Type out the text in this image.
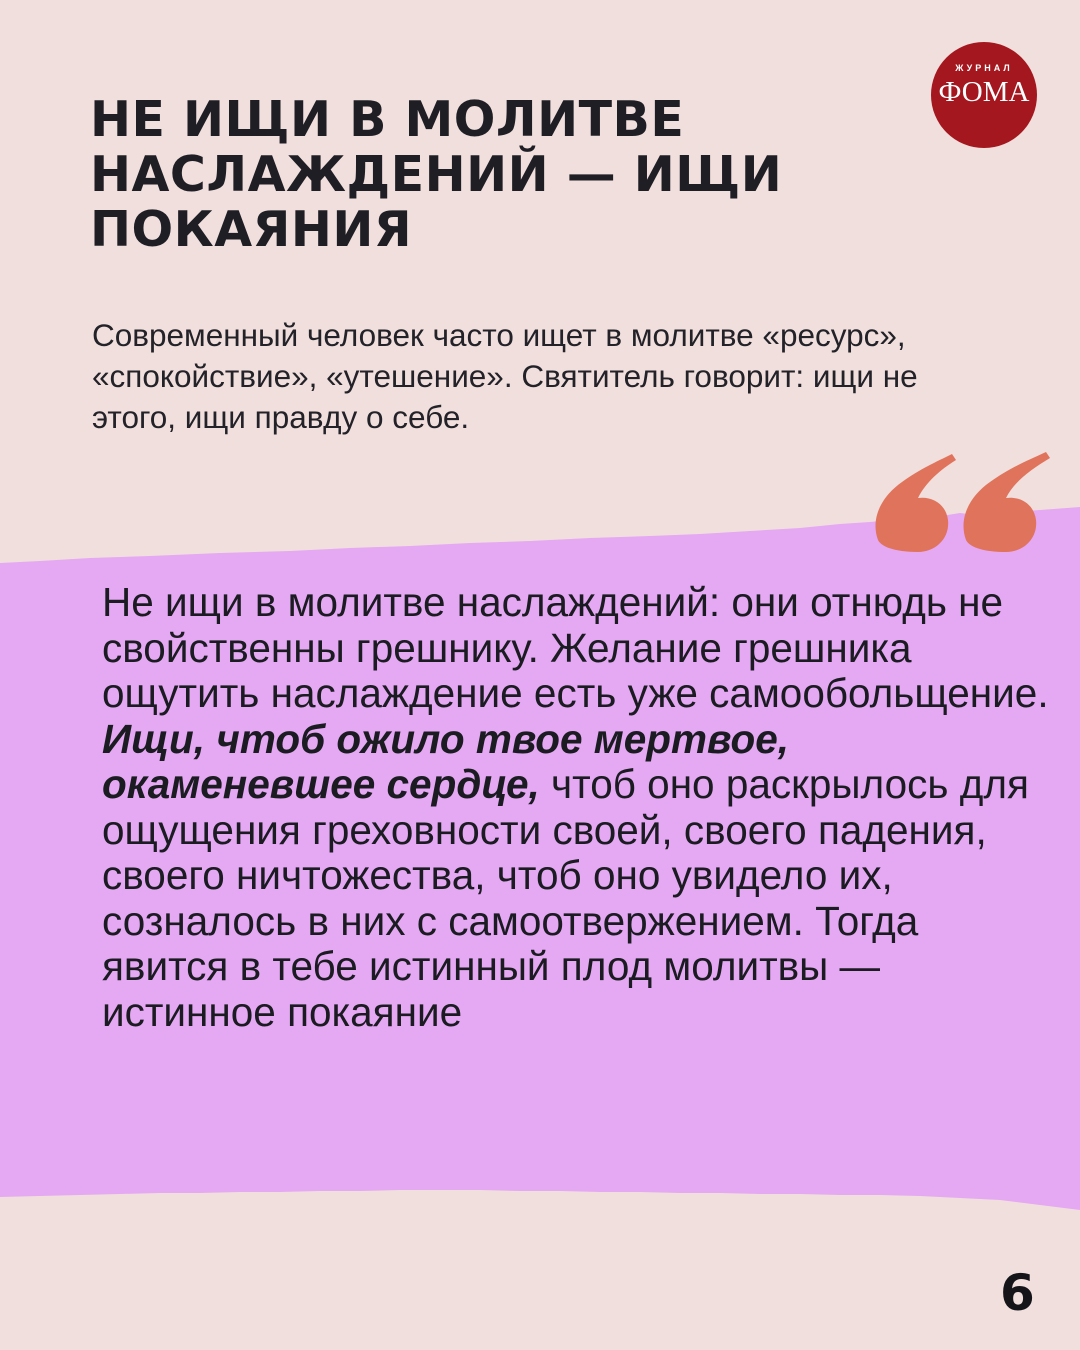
НЕ ИЩИ В МОЛИТВЕ НАСЛАЖДЕНИЙ — ИЩИ ПОКАЯНИЯ
ЖУРНАЛ
ФОМА

Современный человек часто ищет в молитве «ресурс», «спокойствие», «утешение». Святитель говорит: ищи не этого, ищи правду о себе.

Не ищи в молитве наслаждений: они отнюдь не свойственны грешнику. Желание грешника ощутить наслаждение есть уже самообольщение. Ищи, чтоб ожило твое мертвое, окаменевшее сердце, чтоб оно раскрылось для ощущения греховности своей, своего падения, своего ничтожества, чтоб оно увидело их, созналось в них с самоотвержением. Тогда явится в тебе истинный плод молитвы — истинное покаяние

6
